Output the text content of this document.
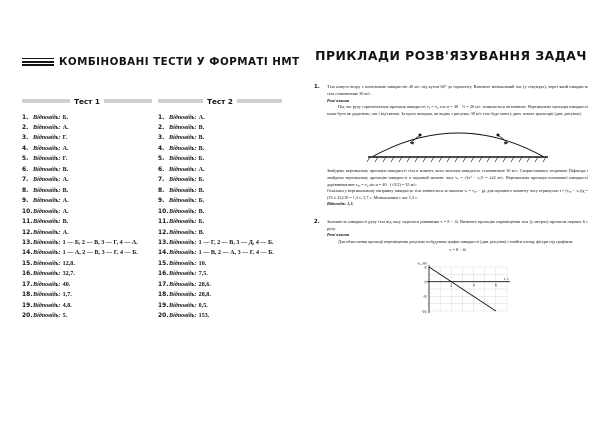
КОМБІНОВАНІ ТЕСТИ У ФОРМАТІ НМТ
Тест 1	Тест 2
1. Відповідь: Б.
2. Відповідь: А.
3. Відповідь: Г.
4. Відповідь: А.
5. Відповідь: Г.
6. Відповідь: В.
7. Відповідь: А.
8. Відповідь: В.
9. Відповідь: А.
10. Відповідь: А.
11. Відповідь: В.
12. Відповідь: А.
13. Відповідь: 1 — Б, 2 — В, 3 — Г, 4 — А.
14. Відповідь: 1 — А, 2 — В, 3 — Г, 4 — Б.
15. Відповідь: 12,8.
16. Відповідь: 32,7.
17. Відповідь: 40.
18. Відповідь: 1,7.
19. Відповідь: 4,8.
20. Відповідь: 5.
1. Відповідь: А.
2. Відповідь: В.
3. Відповідь: В.
4. Відповідь: В.
5. Відповідь: Б.
6. Відповідь: А.
7. Відповідь: Б.
8. Відповідь: В.
9. Відповідь: Б.
10. Відповідь: В.
11. Відповідь: Б.
12. Відповідь: В.
13. Відповідь: 1 — Г, 2 — В, 3 — Д, 4 — Б.
14. Відповідь: 1 — В, 2 — А, 3 — Г, 4 — Б.
15. Відповідь: 10.
16. Відповідь: 7,5.
17. Відповідь: 28,6.
18. Відповідь: 28,8.
19. Відповідь: 0,5.
20. Відповідь: 153.
ПРИКЛАДИ РОЗВ'ЯЗУВАННЯ ЗАДАЧ
1.	Тіло кинуто вгору з початковою швидкістю 40 м/с під кутом 60° до горизонту. Визначте мінімальний час (у секундах), через який швидкість тіла становитиме 30 м/с.

Розв'язання

Під час руху горизонтальна проєкція швидкості vₓ = v₀ cos α = 40 · ½ = 20 м/с залишається незмінною. Вертикальна проєкція швидкості може бути як додатною, так і від'ємною. За цього випадок, як видно з рисунка, 30 м/с тіло буде мати у двох точках траєкторії (див. рисунок).

Знайдемо вертикальну проєкцію швидкості тіла в момент, коли загальна швидкість становитиме 30 м/с. Скориставшись теоремою Піфагора і знайдемо вертикальну проєкцію швидкості в шуканий момент часу vᵥ = √(v² − vₓ²) = ±22 м/с. Вертикальна проєкція початкової швидкості дорівнюватиме v₀ᵥ = v₀ sin α = 40 · (√3/2) = 35 м/с.

Оскільки у вертикальному напрямку швидкість тіла змінюється за законом vᵥ = v₀ᵥ − gt, для шуканого моменту часу отримуємо t = (v₀ᵥ − vᵥ)/g = (35 ± 22)/10 = 1,3 с; 5,7 с. Мінімальним є час 1,3 с.

Відповідь: 1,3.

2.	Залежність швидкості руху тіла від часу задається рівнянням v = 8 − 4t. Визначте проєкцію переміщення тіла (у метрах) протягом перших 6 с руху.

Розв'язання

Для обчислення проєкції переміщення доцільно побудувати графік швидкості (див. рисунок) і знайти площу фігури під графіком.

v = 8 − 4t

8
0
-8
-16
2	4	6
vₓ, м/с
t, с
